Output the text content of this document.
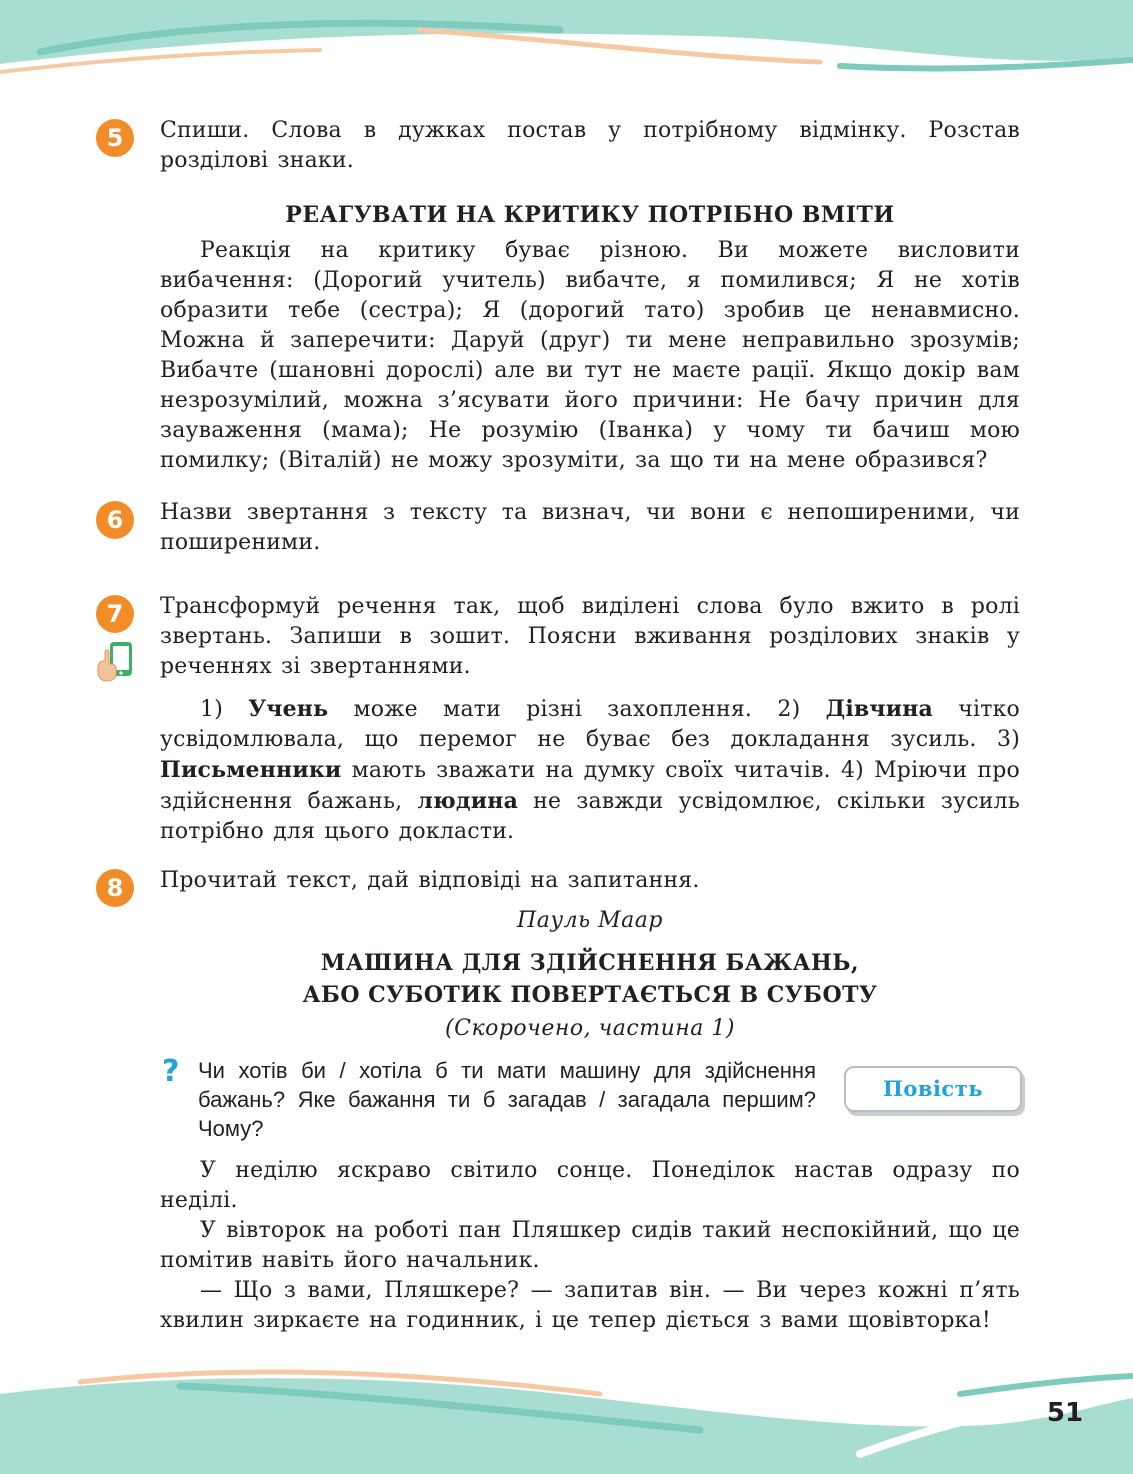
5	Спиши. Слова в дужках постав у потрібному відмінку. Розстав розділові знаки.
РЕАГУВАТИ НА КРИТИКУ ПОТРІБНО ВМІТИ

Реакція на критику буває різною. Ви можете висловити вибачення: (Дорогий учитель) вибачте, я помилився; Я не хотів образити тебе (сестра); Я (дорогий тато) зробив це ненавмисно. Можна й заперечити: Даруй (друг) ти мене неправильно зрозумів; Вибачте (шановні дорослі) але ви тут не маєте рації. Якщо докір вам незрозумілий, можна з’ясувати його причини: Не бачу причин для зауваження (мама); Не розумію (Іванка) у чому ти бачиш мою помилку; (Віталій) не можу зрозуміти, за що ти на мене образився?

6	Назви звертання з тексту та визнач, чи вони є непоширеними, чи поширеними.
7	Трансформуй речення так, щоб виділені слова було вжито в ролі звертань. Запиши в зошит. Поясни вживання розділових знаків у реченнях зі звертаннями.

1) Учень може мати різні захоплення. 2) Дівчина чітко усвідомлювала, що перемог не буває без докладання зусиль. 3) Письменники мають зважати на думку своїх читачів. 4) Мріючи про здійснення бажань, людина не завжди усвідомлює, скільки зусиль потрібно для цього докласти.

8	Прочитай текст, дай відповіді на запитання.
Пауль Маар
МАШИНА ДЛЯ ЗДІЙСНЕННЯ БАЖАНЬ,
АБО СУБОТИК ПОВЕРТАЄТЬСЯ В СУБОТУ
(Скорочено, частина 1)
? Чи хотів би / хотіла б ти мати машину для здійснення бажань? Яке бажання ти б загадав / загадала першим? Чому?
Повість

У неділю яскраво світило сонце. Понеділок настав одразу по неділі.

У вівторок на роботі пан Пляшкер сидів такий неспокійний, що це помітив навіть його начальник.

— Що з вами, Пляшкере? — запитав він. — Ви через кожні п’ять хвилин зиркаєте на годинник, і це тепер діється з вами щовівторка!

51
